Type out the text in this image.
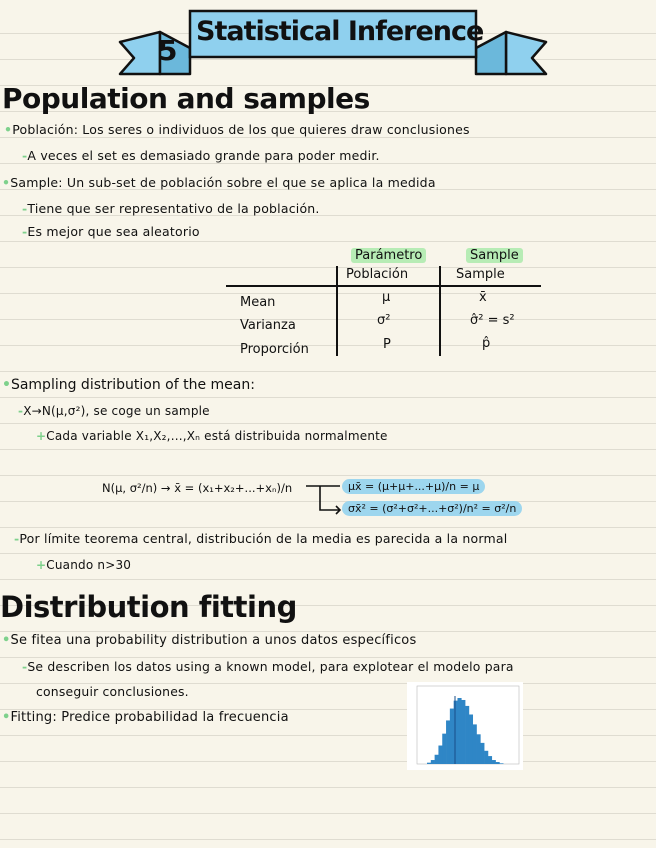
5
Statistical Inference
Population and samples
•Población: Los seres o individuos de los que quieres draw conclusiones
-A veces el set es demasiado grande para poder medir.
•Sample: Un sub-set de población sobre el que se aplica la medida
-Tiene que ser representativo de la población.
-Es mejor que sea aleatorio
Parámetro	Sample
Población	Sample
Mean	μ	x̄
Varianza	σ²	σ̂² = s²
Proporción	P	p̂
•Sampling distribution of the mean:
-X→N(μ,σ²), se coge un sample
+Cada variable X₁,X₂,...,Xₙ está distribuida normalmente
N(μ, σ²/n) → x̄ = (x₁+x₂+...+xₙ)/n	μx̄ = (μ+μ+...+μ)/n = μ
σx̄² = (σ²+σ²+...+σ²)/n² = σ²/n
-Por límite teorema central, distribución de la media es parecida a la normal
+Cuando n>30
Distribution fitting
•Se fitea una probability distribution a unos datos específicos
-Se describen los datos using a known model, para explotear el modelo para
conseguir conclusiones.
•Fitting: Predice probabilidad la frecuencia
